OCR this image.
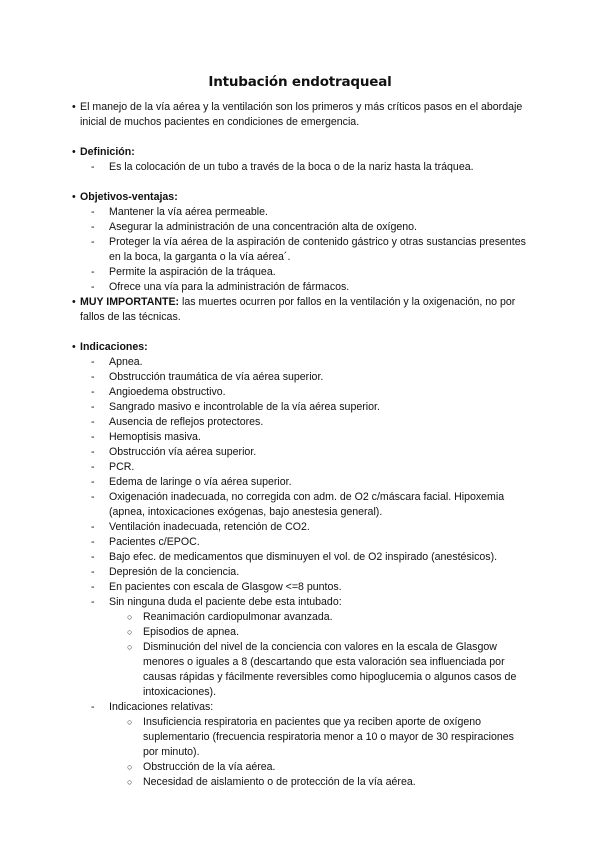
Intubación endotraqueal
• El manejo de la vía aérea y la ventilación son los primeros y más críticos pasos en el abordaje inicial de muchos pacientes en condiciones de emergencia.
• Definición:
-	Es la colocación de un tubo a través de la boca o de la nariz hasta la tráquea.
• Objetivos-ventajas:
-	Mantener la vía aérea permeable.
-	Asegurar la administración de una concentración alta de oxígeno.
-	Proteger la vía aérea de la aspiración de contenido gástrico y otras sustancias presentes en la boca, la garganta o la vía aérea´.
-	Permite la aspiración de la tráquea.
-	Ofrece una vía para la administración de fármacos.
• MUY IMPORTANTE: las muertes ocurren por fallos en la ventilación y la oxigenación, no por fallos de las técnicas.
• Indicaciones:
-	Apnea.
-	Obstrucción traumática de vía aérea superior.
-	Angioedema obstructivo.
-	Sangrado masivo e incontrolable de la vía aérea superior.
-	Ausencia de reflejos protectores.
-	Hemoptisis masiva.
-	Obstrucción vía aérea superior.
-	PCR.
-	Edema de laringe o vía aérea superior.
-	Oxigenación inadecuada, no corregida con adm. de O2 c/máscara facial. Hipoxemia (apnea, intoxicaciones exógenas, bajo anestesia general).
-	Ventilación inadecuada, retención de CO2.
-	Pacientes c/EPOC.
-	Bajo efec. de medicamentos que disminuyen el vol. de O2 inspirado (anestésicos).
-	Depresión de la conciencia.
-	En pacientes con escala de Glasgow <=8 puntos.
-	Sin ninguna duda el paciente debe esta intubado:
○ Reanimación cardiopulmonar avanzada.
○ Episodios de apnea.
○ Disminución del nivel de la conciencia con valores en la escala de Glasgow menores o iguales a 8 (descartando que esta valoración sea influenciada por causas rápidas y fácilmente reversibles como hipoglucemia o algunos casos de intoxicaciones).
-	Indicaciones relativas:
○ Insuficiencia respiratoria en pacientes que ya reciben aporte de oxígeno suplementario (frecuencia respiratoria menor a 10 o mayor de 30 respiraciones por minuto).
○ Obstrucción de la vía aérea.
○ Necesidad de aislamiento o de protección de la vía aérea.
